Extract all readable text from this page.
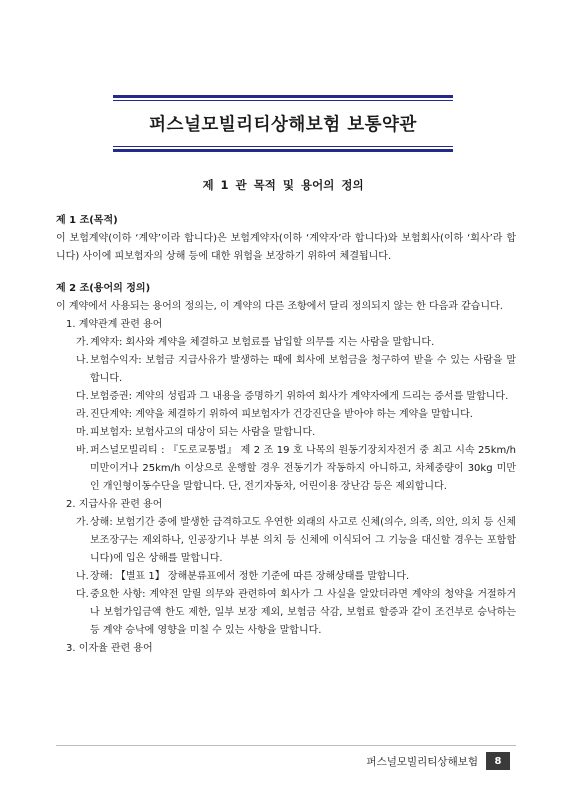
퍼스널모빌리티상해보험 보통약관
제 1 관 목적 및 용어의 정의
제 1 조(목적)
이 보험계약(이하 ‘계약’이라 합니다)은 보험계약자(이하 ‘계약자’라 합니다)와 보험회사(이하 ‘회사’라 합니다) 사이에 피보험자의 상해 등에 대한 위험을 보장하기 위하여 체결됩니다.
제 2 조(용어의 정의)
이 계약에서 사용되는 용어의 정의는, 이 계약의 다른 조항에서 달리 정의되지 않는 한 다음과 같습니다.
1. 계약관계 관련 용어
가. 계약자: 회사와 계약을 체결하고 보험료를 납입할 의무를 지는 사람을 말합니다.
나. 보험수익자: 보험금 지급사유가 발생하는 때에 회사에 보험금을 청구하여 받을 수 있는 사람을 말합니다.
다. 보험증권: 계약의 성립과 그 내용을 증명하기 위하여 회사가 계약자에게 드리는 증서를 말합니다.
라. 진단계약: 계약을 체결하기 위하여 피보험자가 건강진단을 받아야 하는 계약을 말합니다.
마. 피보험자: 보험사고의 대상이 되는 사람을 말합니다.
바. 퍼스널모빌리티 : 『도로교통법』 제 2 조 19 호 나목의 원동기장치자전거 중 최고 시속 25km/h 미만이거나 25km/h 이상으로 운행할 경우 전동기가 작동하지 아니하고, 차체중량이 30kg 미만인 개인형이동수단을 말합니다. 단, 전기자동차, 어린이용 장난감 등은 제외합니다.
2. 지급사유 관련 용어
가. 상해: 보험기간 중에 발생한 급격하고도 우연한 외래의 사고로 신체(의수, 의족, 의안, 의치 등 신체보조장구는 제외하나, 인공장기나 부분 의치 등 신체에 이식되어 그 기능을 대신할 경우는 포함합니다)에 입은 상해를 말합니다.
나. 장해: 【별표 1】 장해분류표에서 정한 기준에 따른 장해상태를 말합니다.
다. 중요한 사항: 계약전 알릴 의무와 관련하여 회사가 그 사실을 알았더라면 계약의 청약을 거절하거나 보험가입금액 한도 제한, 일부 보장 제외, 보험금 삭감, 보험료 할증과 같이 조건부로 승낙하는 등 계약 승낙에 영향을 미칠 수 있는 사항을 말합니다.
3. 이자율 관련 용어
퍼스널모빌리티상해보험	8
